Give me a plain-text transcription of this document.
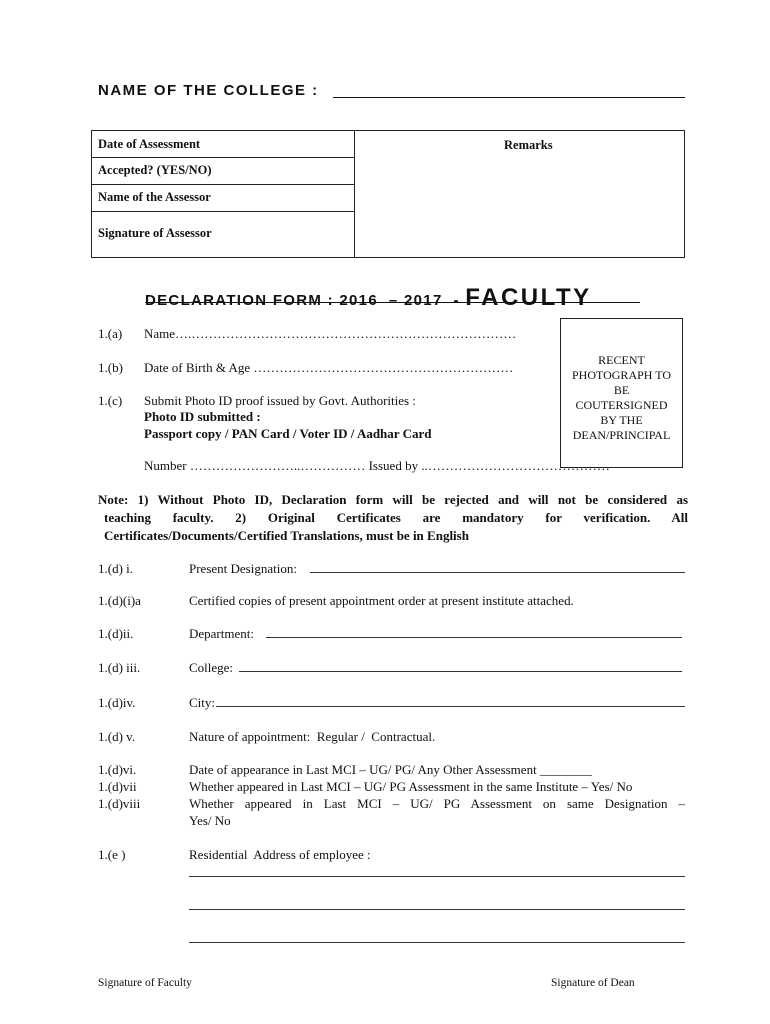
NAME OF THE COLLEGE :
Date of Assessment
Accepted? (YES/NO)
Name of the Assessor
Signature of Assessor
Remarks
DECLARATION FORM : 2016  – 2017  - FACULTY
RECENT
PHOTOGRAPH TO
BE
COUTERSIGNED
BY THE
DEAN/PRINCIPAL
1.(a) Name….…………………………………………………………………
1.(b) Date of Birth & Age ……………………………………………………
1.(c) Submit Photo ID proof issued by Govt. Authorities :
Photo ID submitted :
Passport copy / PAN Card / Voter ID / Aadhar Card
Number ……………………..…………… Issued by ..……………………………………
Note: 1) Without Photo ID, Declaration form will be rejected and will not be considered as
teaching faculty. 2) Original Certificates are mandatory for verification. All
Certificates/Documents/Certified Translations, must be in English
1.(d) i.	Present Designation:
1.(d)(i)a	Certified copies of present appointment order at present institute attached.
1.(d)ii.	Department:
1.(d) iii.	College:
1.(d)iv.	City:
1.(d) v.	Nature of appointment:  Regular /  Contractual.
1.(d)vi.	Date of appearance in Last MCI – UG/ PG/ Any Other Assessment ________
1.(d)vii	Whether appeared in Last MCI – UG/ PG Assessment in the same Institute – Yes/ No
1.(d)viii	Whether appeared in Last MCI – UG/ PG Assessment on same Designation –
Yes/ No
1.(e )	Residential  Address of employee :
Signature of Faculty	Signature of Dean
